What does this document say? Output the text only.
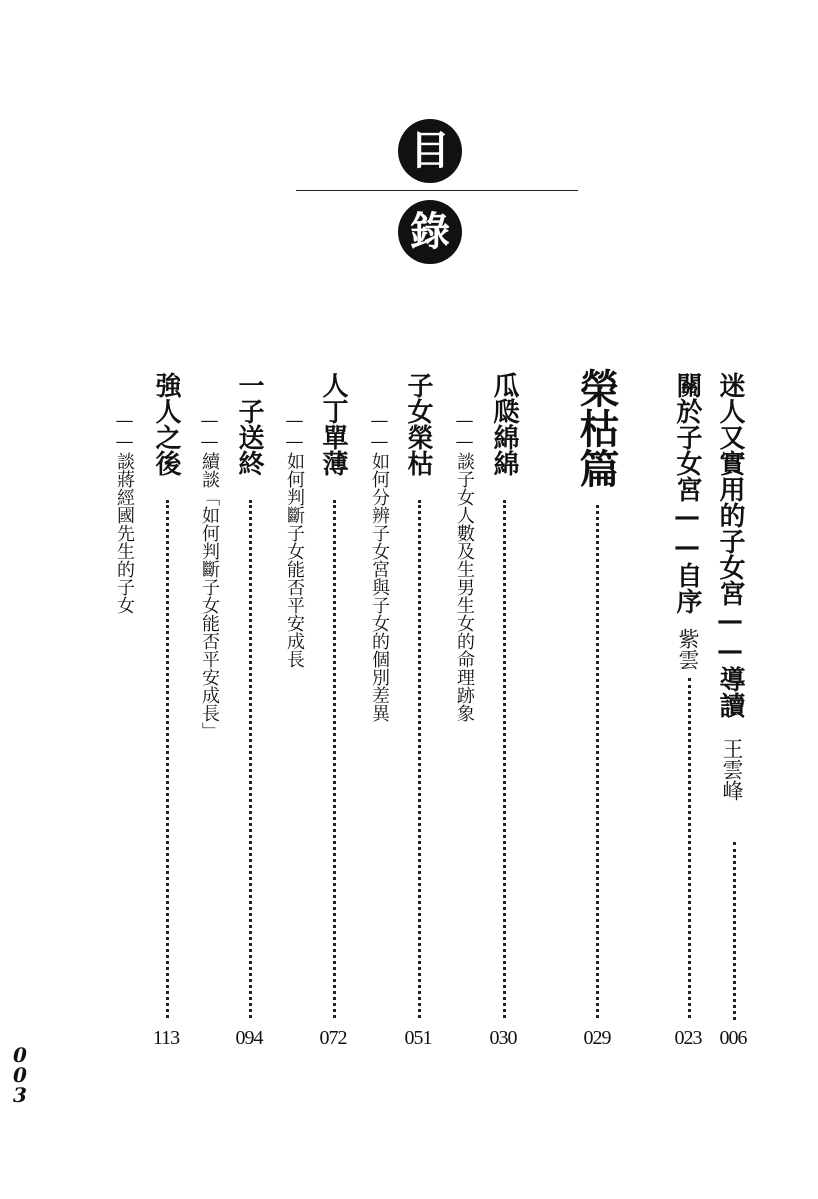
目
錄
迷人又實用的子女宮——導讀
王雲峰
006
關於子女宮——自序
紫雲
023
榮枯篇
029
瓜瓞綿綿
——談子女人數及生男生女的命理跡象
030
子女榮枯
——如何分辨子女宮與子女的個別差異
051
人丁單薄
——如何判斷子女能否平安成長
072
一子送終
——續談「如何判斷子女能否平安成長」
094
強人之後
——談蔣經國先生的子女
113
003
